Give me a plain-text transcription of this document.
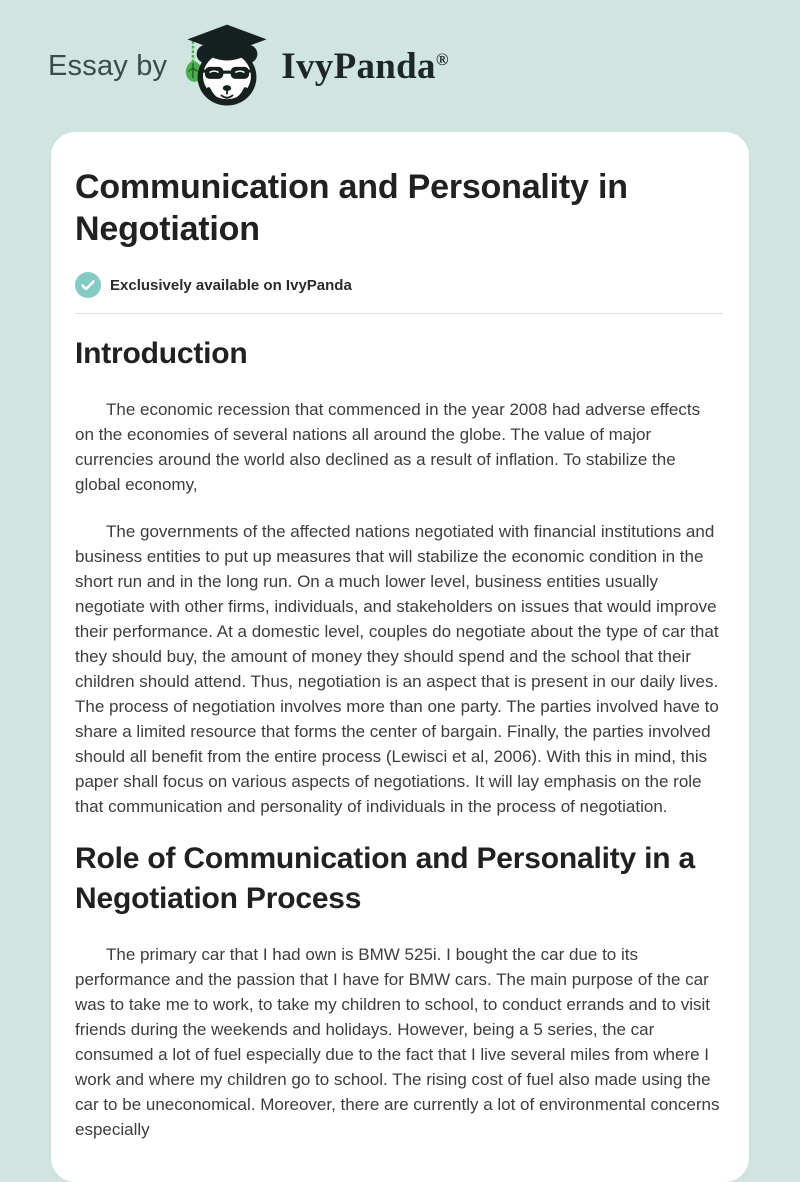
Essay by	IvyPanda ®
Communication and Personality in Negotiation
Exclusively available on IvyPanda
Introduction

The economic recession that commenced in the year 2008 had adverse effects on the economies of several nations all around the globe. The value of major currencies around the world also declined as a result of inflation. To stabilize the global economy,

The governments of the affected nations negotiated with financial institutions and business entities to put up measures that will stabilize the economic condition in the short run and in the long run. On a much lower level, business entities usually negotiate with other firms, individuals, and stakeholders on issues that would improve their performance. At a domestic level, couples do negotiate about the type of car that they should buy, the amount of money they should spend and the school that their children should attend. Thus, negotiation is an aspect that is present in our daily lives. The process of negotiation involves more than one party. The parties involved have to share a limited resource that forms the center of bargain. Finally, the parties involved should all benefit from the entire process (Lewisci et al, 2006). With this in mind, this paper shall focus on various aspects of negotiations. It will lay emphasis on the role that communication and personality of individuals in the process of negotiation.

Role of Communication and Personality in a Negotiation Process

The primary car that I had own is BMW 525i. I bought the car due to its performance and the passion that I have for BMW cars. The main purpose of the car was to take me to work, to take my children to school, to conduct errands and to visit friends during the weekends and holidays. However, being a 5 series, the car consumed a lot of fuel especially due to the fact that I live several miles from where I work and where my children go to school. The rising cost of fuel also made using the car to be uneconomical. Moreover, there are currently a lot of environmental concerns especially
